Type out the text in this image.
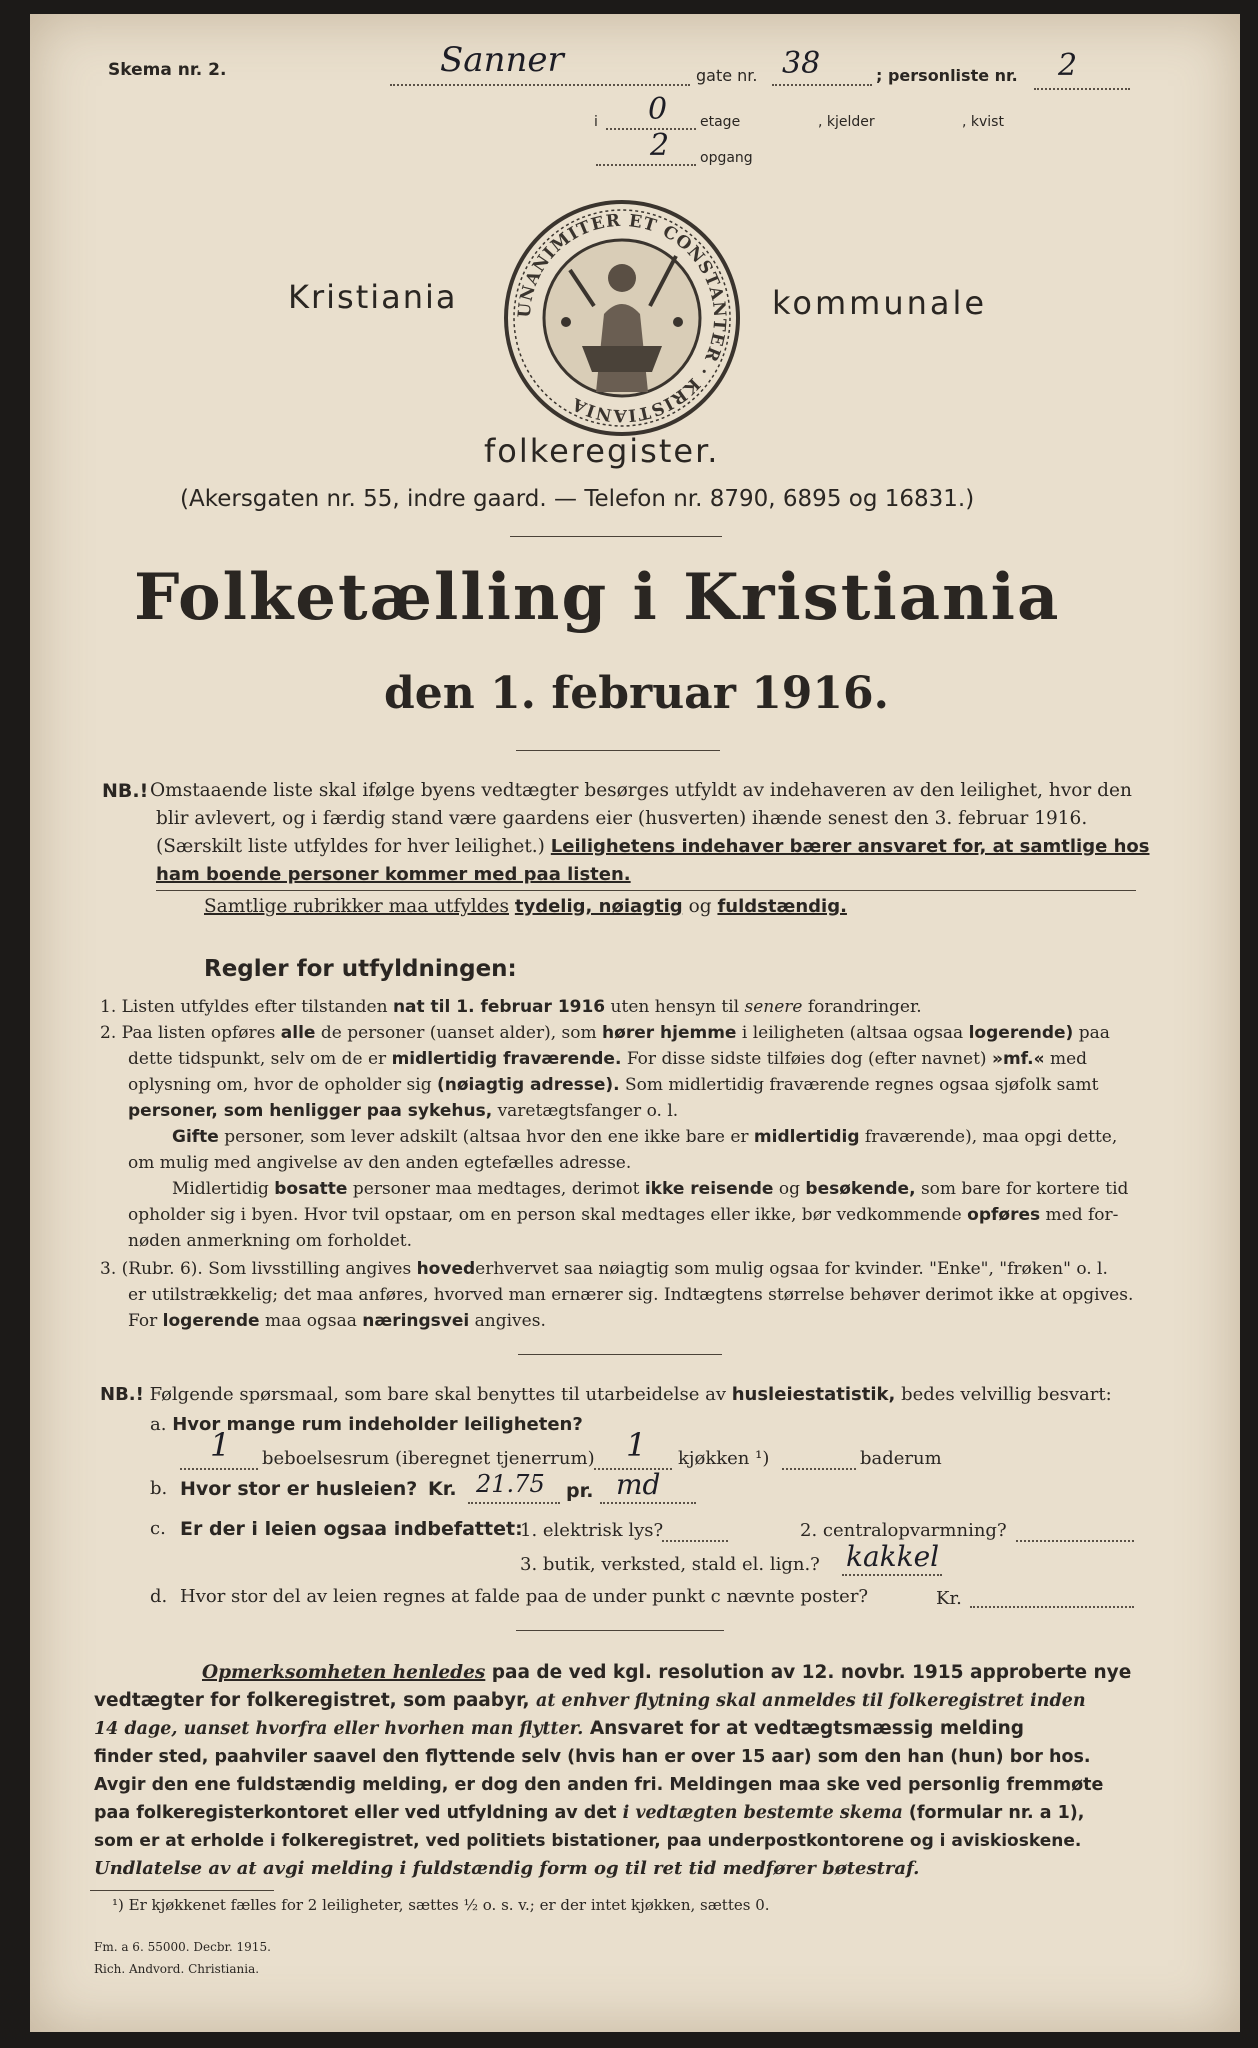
Skema nr. 2.	Sanner	gate nr. 38	; personliste nr. 2
i 0 etage	, kjelder	, kvist
2 opgang
Kristiania	kommunale
UNANIMITER ET CONSTANTER · KRISTIANIA
folkeregister.
(Akersgaten nr. 55, indre gaard. — Telefon nr. 8790, 6895 og 16831.)
Folketælling i Kristiania
den 1. februar 1916.
NB.! Omstaaende liste skal ifølge byens vedtægter besørges utfyldt av indehaveren av den leilighet, hvor den
blir avlevert, og i færdig stand være gaardens eier (husverten) ihænde senest den 3. februar 1916.
(Særskilt liste utfyldes for hver leilighet.) Leilighetens indehaver bærer ansvaret for, at samtlige hos
ham boende personer kommer med paa listen.
Samtlige rubrikker maa utfyldes tydelig, nøiagtig og fuldstændig.
Regler for utfyldningen:
1. Listen utfyldes efter tilstanden nat til 1. februar 1916 uten hensyn til senere forandringer.
2. Paa listen opføres alle de personer (uanset alder), som hører hjemme i leiligheten (altsaa ogsaa logerende) paa
dette tidspunkt, selv om de er midlertidig fraværende. For disse sidste tilføies dog (efter navnet) »mf.« med
oplysning om, hvor de opholder sig (nøiagtig adresse). Som midlertidig fraværende regnes ogsaa sjøfolk samt
personer, som henligger paa sykehus, varetægtsfanger o. l.
Gifte personer, som lever adskilt (altsaa hvor den ene ikke bare er midlertidig fraværende), maa opgi dette,
om mulig med angivelse av den anden egtefælles adresse.
Midlertidig bosatte personer maa medtages, derimot ikke reisende og besøkende, som bare for kortere tid
opholder sig i byen. Hvor tvil opstaar, om en person skal medtages eller ikke, bør vedkommende opføres med for-
nøden anmerkning om forholdet.
3. (Rubr. 6). Som livsstilling angives hovederhvervet saa nøiagtig som mulig ogsaa for kvinder. "Enke", "frøken" o. l.
er utilstrækkelig; det maa anføres, hvorved man ernærer sig. Indtægtens størrelse behøver derimot ikke at opgives.
For logerende maa ogsaa næringsvei angives.
NB.! Følgende spørsmaal, som bare skal benyttes til utarbeidelse av husleiestatistik, bedes velvillig besvart:
a. Hvor mange rum indeholder leiligheten?
1 beboelsesrum (iberegnet tjenerrum) 1 kjøkken ¹)	baderum
b. Hvor stor er husleien? Kr. 21.75 pr. md
c. Er der i leien ogsaa indbefattet:
1. elektrisk lys?	2. centralopvarmning?
3. butik, verksted, stald el. lign.? kakkel
d. Hvor stor del av leien regnes at falde paa de under punkt c nævnte poster?	Kr.
Opmerksomheten henledes paa de ved kgl. resolution av 12. novbr. 1915 approberte nye
vedtægter for folkeregistret, som paabyr, at enhver flytning skal anmeldes til folkeregistret inden
14 dage, uanset hvorfra eller hvorhen man flytter. Ansvaret for at vedtægtsmæssig melding
finder sted, paahviler saavel den flyttende selv (hvis han er over 15 aar) som den han (hun) bor hos.
Avgir den ene fuldstændig melding, er dog den anden fri. Meldingen maa ske ved personlig fremmøte
paa folkeregisterkontoret eller ved utfyldning av det i vedtægten bestemte skema (formular nr. a 1),
som er at erholde i folkeregistret, ved politiets bistationer, paa underpostkontorene og i aviskioskene.
Undlatelse av at avgi melding i fuldstændig form og til ret tid medfører bøtestraf.
¹) Er kjøkkenet fælles for 2 leiligheter, sættes ½ o. s. v.; er der intet kjøkken, sættes 0.
Fm. a 6. 55000. Decbr. 1915.
Rich. Andvord. Christiania.
